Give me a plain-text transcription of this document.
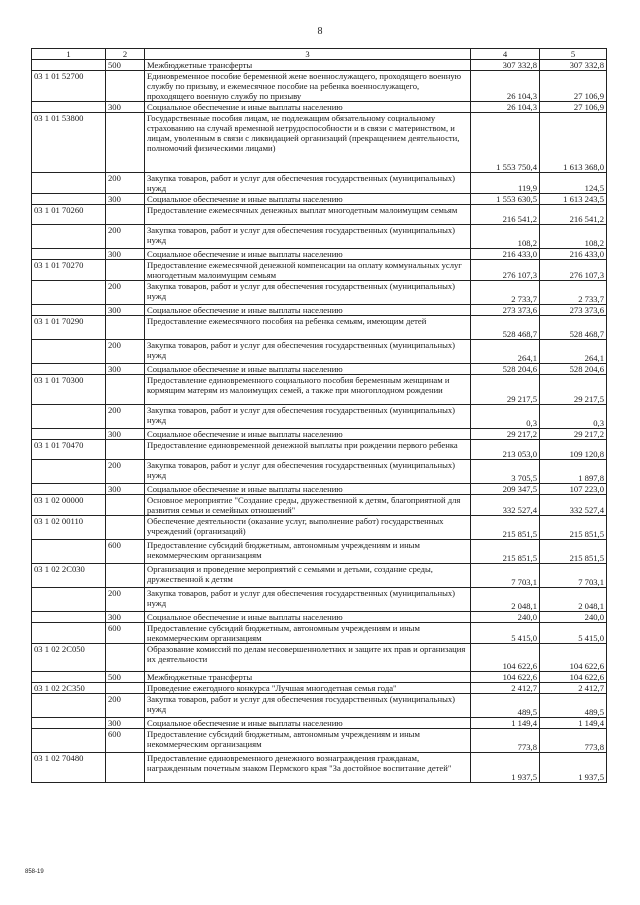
8
1	2	3	4	5
	500	Межбюджетные трансферты	307 332,8	307 332,8
03 1 01 52700		Единовременное пособие беременной жене военнослужащего, проходящего военную службу по призыву, и ежемесячное пособие на ребенка военнослужащего, проходящего военную службу по призыву	26 104,3	27 106,9
	300	Социальное обеспечение и иные выплаты населению	26 104,3	27 106,9
03 1 01 53800		Государственные пособия лицам, не подлежащим обязательному социальному страхованию на случай временной нетрудоспособности и в связи с материнством, и лицам, уволенным в связи с ликвидацией организаций (прекращением деятельности, полномочий физическими лицами)	1 553 750,4	1 613 368,0
	200	Закупка товаров, работ и услуг для обеспечения государственных (муниципальных) нужд	119,9	124,5
	300	Социальное обеспечение и иные выплаты населению	1 553 630,5	1 613 243,5
03 1 01 70260		Предоставление ежемесячных денежных выплат многодетным малоимущим семьям	216 541,2	216 541,2
	200	Закупка товаров, работ и услуг для обеспечения государственных (муниципальных) нужд	108,2	108,2
	300	Социальное обеспечение и иные выплаты населению	216 433,0	216 433,0
03 1 01 70270		Предоставление ежемесячной денежной компенсации на оплату коммунальных услуг многодетным малоимущим семьям	276 107,3	276 107,3
	200	Закупка товаров, работ и услуг для обеспечения государственных (муниципальных) нужд	2 733,7	2 733,7
	300	Социальное обеспечение и иные выплаты населению	273 373,6	273 373,6
03 1 01 70290		Предоставление ежемесячного пособия на ребенка семьям, имеющим детей	528 468,7	528 468,7
	200	Закупка товаров, работ и услуг для обеспечения государственных (муниципальных) нужд	264,1	264,1
	300	Социальное обеспечение и иные выплаты населению	528 204,6	528 204,6
03 1 01 70300		Предоставление единовременного социального пособия беременным женщинам и кормящим матерям из малоимущих семей, а также при многоплодном рождении	29 217,5	29 217,5
	200	Закупка товаров, работ и услуг для обеспечения государственных (муниципальных) нужд	0,3	0,3
	300	Социальное обеспечение и иные выплаты населению	29 217,2	29 217,2
03 1 01 70470		Предоставление единовременной денежной выплаты при рождении первого ребенка	213 053,0	109 120,8
	200	Закупка товаров, работ и услуг для обеспечения государственных (муниципальных) нужд	3 705,5	1 897,8
	300	Социальное обеспечение и иные выплаты населению	209 347,5	107 223,0
03 1 02 00000		Основное мероприятие "Создание среды, дружественной к детям, благоприятной для развития семьи и семейных отношений"	332 527,4	332 527,4
03 1 02 00110		Обеспечение деятельности (оказание услуг, выполнение работ) государственных учреждений (организаций)	215 851,5	215 851,5
	600	Предоставление субсидий бюджетным, автономным учреждениям и иным некоммерческим организациям	215 851,5	215 851,5
03 1 02 2С030		Организация и проведение мероприятий с семьями и детьми, создание среды, дружественной к детям	7 703,1	7 703,1
	200	Закупка товаров, работ и услуг для обеспечения государственных (муниципальных) нужд	2 048,1	2 048,1
	300	Социальное обеспечение и иные выплаты населению	240,0	240,0
	600	Предоставление субсидий бюджетным, автономным учреждениям и иным некоммерческим организациям	5 415,0	5 415,0
03 1 02 2С050		Образование комиссий по делам несовершеннолетних и защите их прав и организация их деятельности	104 622,6	104 622,6
	500	Межбюджетные трансферты	104 622,6	104 622,6
03 1 02 2С350		Проведение ежегодного конкурса "Лучшая многодетная семья года"	2 412,7	2 412,7
	200	Закупка товаров, работ и услуг для обеспечения государственных (муниципальных) нужд	489,5	489,5
	300	Социальное обеспечение и иные выплаты населению	1 149,4	1 149,4
	600	Предоставление субсидий бюджетным, автономным учреждениям и иным некоммерческим организациям	773,8	773,8
03 1 02 70480		Предоставление единовременного денежного вознаграждения гражданам, награжденным почетным знаком Пермского края "За достойное воспитание детей"	1 937,5	1 937,5
858-19
